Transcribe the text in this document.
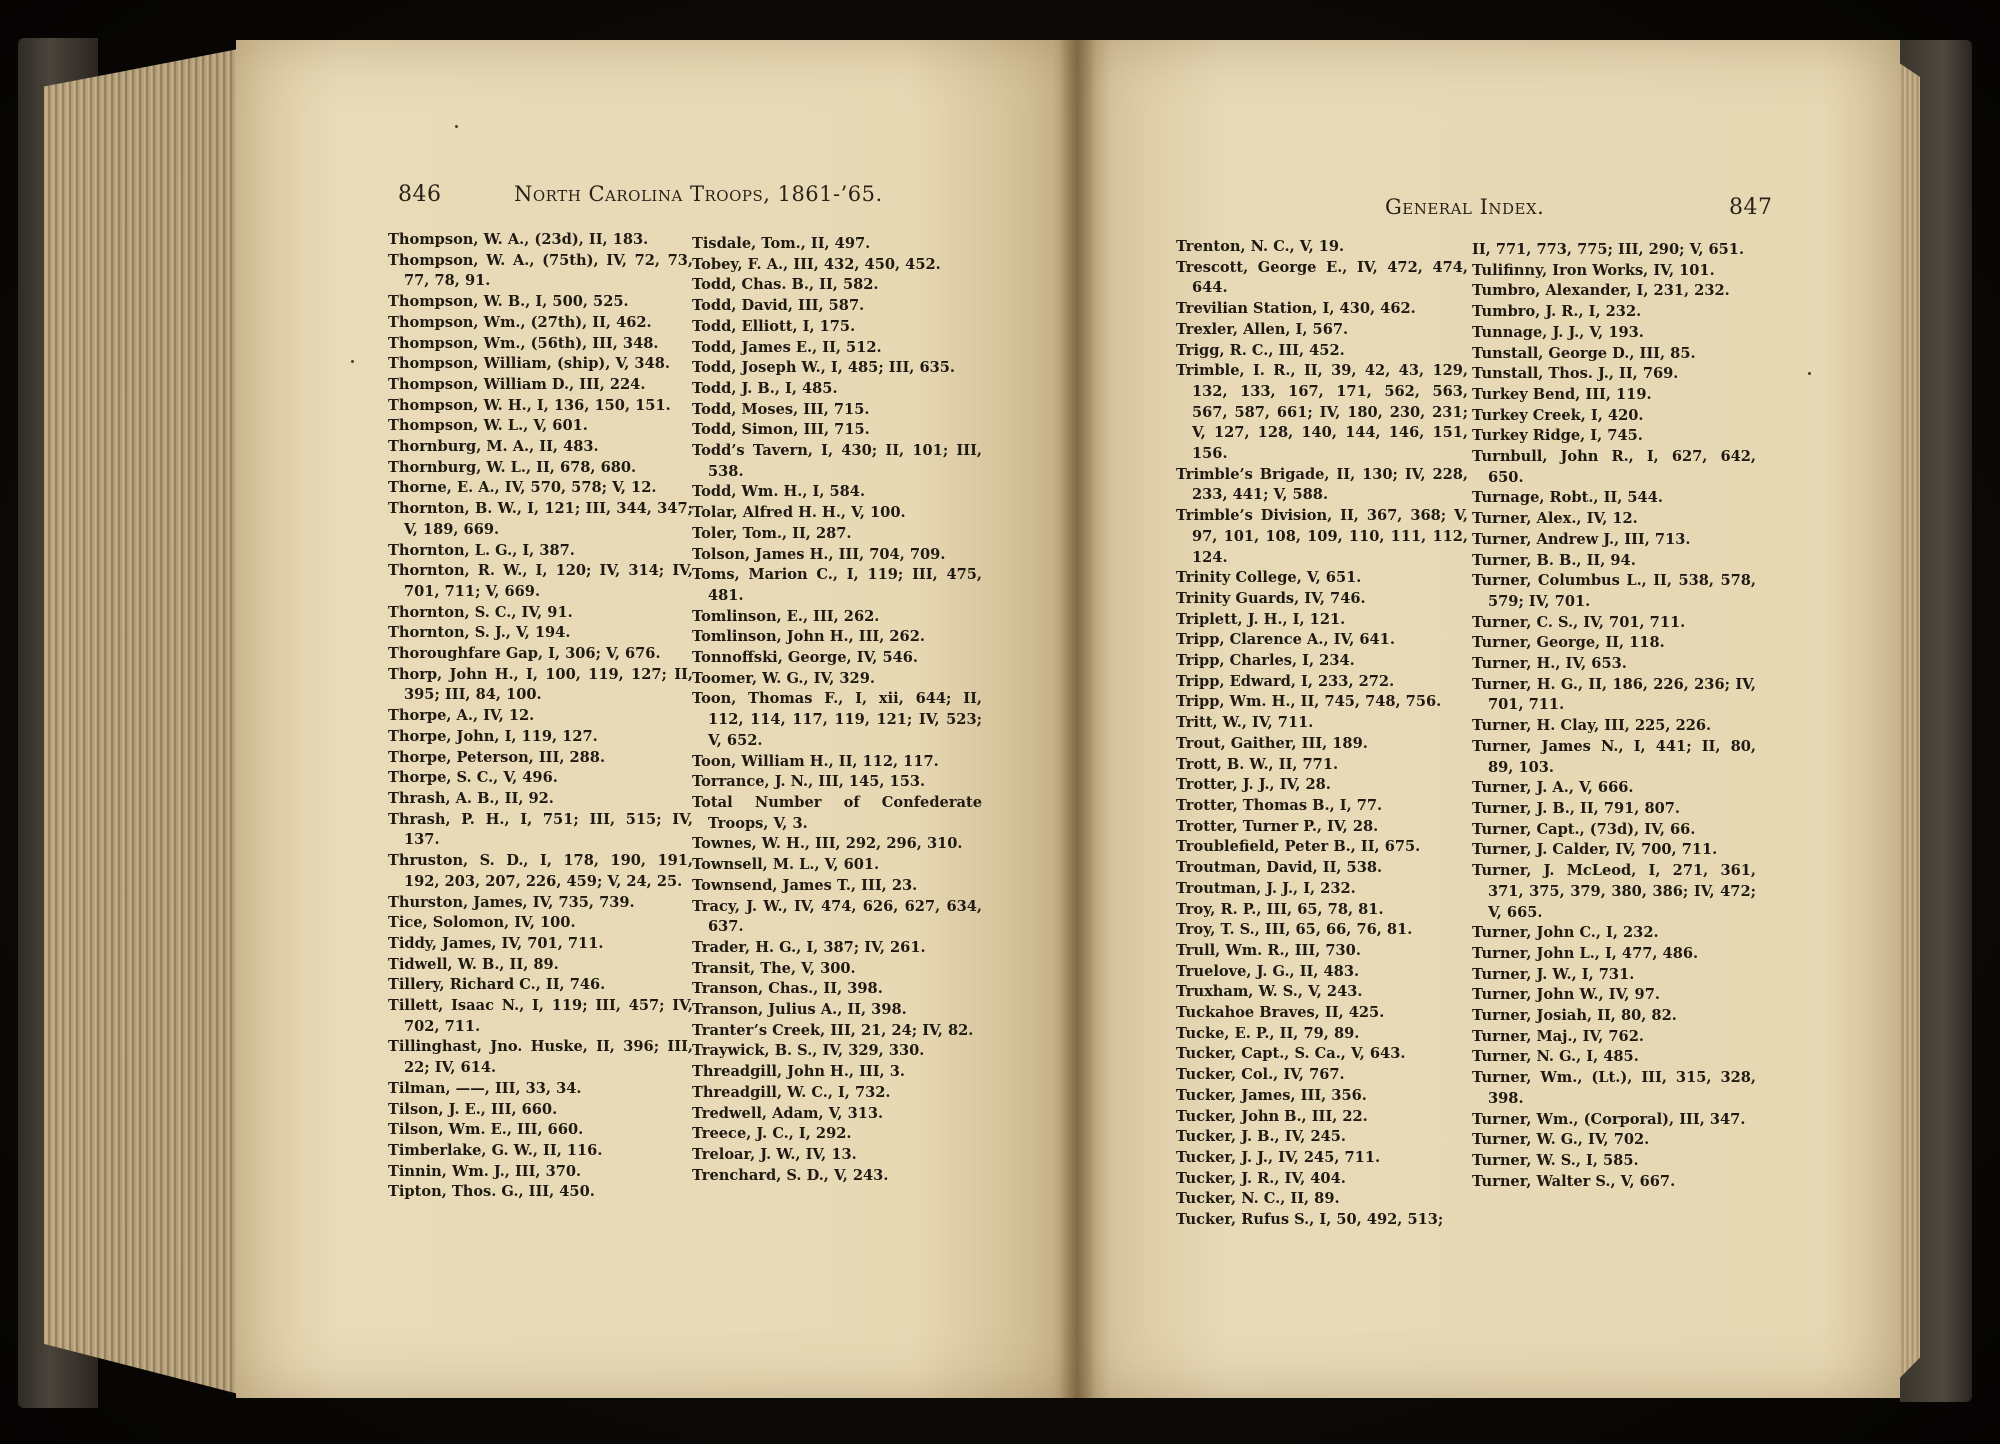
846	North Carolina Troops, 1861-’65.
General Index.	847
Thompson, W. A., (23d), II, 183.
Thompson, W. A., (75th), IV, 72, 73, 77, 78, 91.
Thompson, W. B., I, 500, 525.
Thompson, Wm., (27th), II, 462.
Thompson, Wm., (56th), III, 348.
Thompson, William, (ship), V, 348.
Thompson, William D., III, 224.
Thompson, W. H., I, 136, 150, 151.
Thompson, W. L., V, 601.
Thornburg, M. A., II, 483.
Thornburg, W. L., II, 678, 680.
Thorne, E. A., IV, 570, 578; V, 12.
Thornton, B. W., I, 121; III, 344, 347; V, 189, 669.
Thornton, L. G., I, 387.
Thornton, R. W., I, 120; IV, 314; IV, 701, 711; V, 669.
Thornton, S. C., IV, 91.
Thornton, S. J., V, 194.
Thoroughfare Gap, I, 306; V, 676.
Thorp, John H., I, 100, 119, 127; II, 395; III, 84, 100.
Thorpe, A., IV, 12.
Thorpe, John, I, 119, 127.
Thorpe, Peterson, III, 288.
Thorpe, S. C., V, 496.
Thrash, A. B., II, 92.
Thrash, P. H., I, 751; III, 515; IV, 137.
Thruston, S. D., I, 178, 190, 191, 192, 203, 207, 226, 459; V, 24, 25.
Thurston, James, IV, 735, 739.
Tice, Solomon, IV, 100.
Tiddy, James, IV, 701, 711.
Tidwell, W. B., II, 89.
Tillery, Richard C., II, 746.
Tillett, Isaac N., I, 119; III, 457; IV, 702, 711.
Tillinghast, Jno. Huske, II, 396; III, 22; IV, 614.
Tilman, ——, III, 33, 34.
Tilson, J. E., III, 660.
Tilson, Wm. E., III, 660.
Timberlake, G. W., II, 116.
Tinnin, Wm. J., III, 370.
Tipton, Thos. G., III, 450.
Tisdale, Tom., II, 497.
Tobey, F. A., III, 432, 450, 452.
Todd, Chas. B., II, 582.
Todd, David, III, 587.
Todd, Elliott, I, 175.
Todd, James E., II, 512.
Todd, Joseph W., I, 485; III, 635.
Todd, J. B., I, 485.
Todd, Moses, III, 715.
Todd, Simon, III, 715.
Todd’s Tavern, I, 430; II, 101; III, 538.
Todd, Wm. H., I, 584.
Tolar, Alfred H. H., V, 100.
Toler, Tom., II, 287.
Tolson, James H., III, 704, 709.
Toms, Marion C., I, 119; III, 475, 481.
Tomlinson, E., III, 262.
Tomlinson, John H., III, 262.
Tonnoffski, George, IV, 546.
Toomer, W. G., IV, 329.
Toon, Thomas F., I, xii, 644; II, 112, 114, 117, 119, 121; IV, 523; V, 652.
Toon, William H., II, 112, 117.
Torrance, J. N., III, 145, 153.
Total Number of Confederate Troops, V, 3.
Townes, W. H., III, 292, 296, 310.
Townsell, M. L., V, 601.
Townsend, James T., III, 23.
Tracy, J. W., IV, 474, 626, 627, 634, 637.
Trader, H. G., I, 387; IV, 261.
Transit, The, V, 300.
Transon, Chas., II, 398.
Transon, Julius A., II, 398.
Tranter’s Creek, III, 21, 24; IV, 82.
Traywick, B. S., IV, 329, 330.
Threadgill, John H., III, 3.
Threadgill, W. C., I, 732.
Tredwell, Adam, V, 313.
Treece, J. C., I, 292.
Treloar, J. W., IV, 13.
Trenchard, S. D., V, 243.
Trenton, N. C., V, 19.
Trescott, George E., IV, 472, 474, 644.
Trevilian Station, I, 430, 462.
Trexler, Allen, I, 567.
Trigg, R. C., III, 452.
Trimble, I. R., II, 39, 42, 43, 129, 132, 133, 167, 171, 562, 563, 567, 587, 661; IV, 180, 230, 231; V, 127, 128, 140, 144, 146, 151, 156.
Trimble’s Brigade, II, 130; IV, 228, 233, 441; V, 588.
Trimble’s Division, II, 367, 368; V, 97, 101, 108, 109, 110, 111, 112, 124.
Trinity College, V, 651.
Trinity Guards, IV, 746.
Triplett, J. H., I, 121.
Tripp, Clarence A., IV, 641.
Tripp, Charles, I, 234.
Tripp, Edward, I, 233, 272.
Tripp, Wm. H., II, 745, 748, 756.
Tritt, W., IV, 711.
Trout, Gaither, III, 189.
Trott, B. W., II, 771.
Trotter, J. J., IV, 28.
Trotter, Thomas B., I, 77.
Trotter, Turner P., IV, 28.
Troublefield, Peter B., II, 675.
Troutman, David, II, 538.
Troutman, J. J., I, 232.
Troy, R. P., III, 65, 78, 81.
Troy, T. S., III, 65, 66, 76, 81.
Trull, Wm. R., III, 730.
Truelove, J. G., II, 483.
Truxham, W. S., V, 243.
Tuckahoe Braves, II, 425.
Tucke, E. P., II, 79, 89.
Tucker, Capt., S. Ca., V, 643.
Tucker, Col., IV, 767.
Tucker, James, III, 356.
Tucker, John B., III, 22.
Tucker, J. B., IV, 245.
Tucker, J. J., IV, 245, 711.
Tucker, J. R., IV, 404.
Tucker, N. C., II, 89.
Tucker, Rufus S., I, 50, 492, 513;
II, 771, 773, 775; III, 290; V, 651.
Tulifinny, Iron Works, IV, 101.
Tumbro, Alexander, I, 231, 232.
Tumbro, J. R., I, 232.
Tunnage, J. J., V, 193.
Tunstall, George D., III, 85.
Tunstall, Thos. J., II, 769.
Turkey Bend, III, 119.
Turkey Creek, I, 420.
Turkey Ridge, I, 745.
Turnbull, John R., I, 627, 642, 650.
Turnage, Robt., II, 544.
Turner, Alex., IV, 12.
Turner, Andrew J., III, 713.
Turner, B. B., II, 94.
Turner, Columbus L., II, 538, 578, 579; IV, 701.
Turner, C. S., IV, 701, 711.
Turner, George, II, 118.
Turner, H., IV, 653.
Turner, H. G., II, 186, 226, 236; IV, 701, 711.
Turner, H. Clay, III, 225, 226.
Turner, James N., I, 441; II, 80, 89, 103.
Turner, J. A., V, 666.
Turner, J. B., II, 791, 807.
Turner, Capt., (73d), IV, 66.
Turner, J. Calder, IV, 700, 711.
Turner, J. McLeod, I, 271, 361, 371, 375, 379, 380, 386; IV, 472; V, 665.
Turner, John C., I, 232.
Turner, John L., I, 477, 486.
Turner, J. W., I, 731.
Turner, John W., IV, 97.
Turner, Josiah, II, 80, 82.
Turner, Maj., IV, 762.
Turner, N. G., I, 485.
Turner, Wm., (Lt.), III, 315, 328, 398.
Turner, Wm., (Corporal), III, 347.
Turner, W. G., IV, 702.
Turner, W. S., I, 585.
Turner, Walter S., V, 667.
